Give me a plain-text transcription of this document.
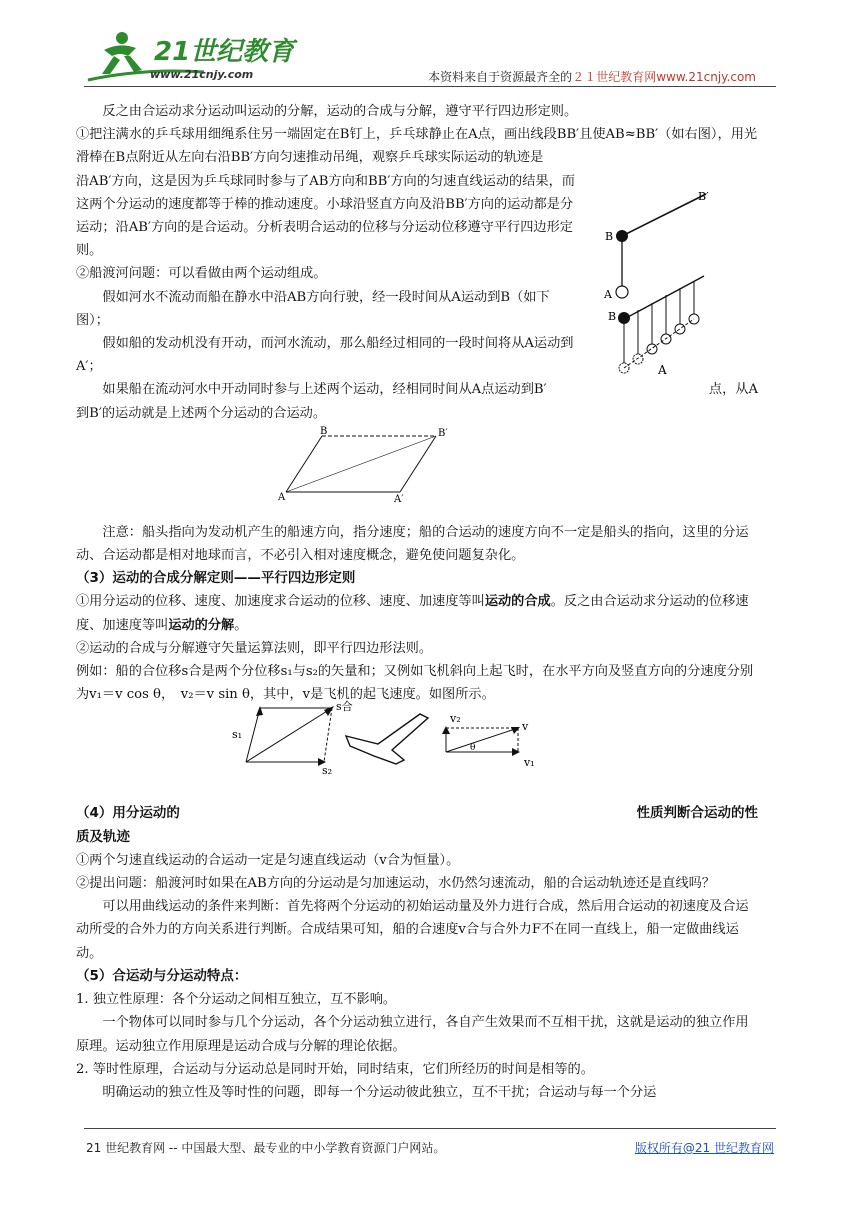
21世纪教育
www.21cnjy.com	本资料来自于资源最齐全的２１世纪教育网www.21cnjy.com

反之由合运动求分运动叫运动的分解，运动的合成与分解，遵守平行四边形定则。

①把注满水的乒乓球用细绳系住另一端固定在B钉上，乒乓球静止在A点，画出线段BB′且使AB≈BB′（如右图），用光滑棒在B点附近从左向右沿BB′方向匀速推动吊绳，观察乒乓球实际运动的轨迹是

沿AB′方向，这是因为乒乓球同时参与了AB方向和BB′方向的匀速直线运动的结果，而这两个分运动的速度都等于棒的推动速度。小球沿竖直方向及沿BB′方向的运动都是分运动；沿AB′方向的是合运动。分析表明合运动的位移与分运动位移遵守平行四边形定则。

②船渡河问题：可以看做由两个运动组成。

假如河水不流动而船在静水中沿AB方向行驶，经一段时间从A运动到B（如下图）；

假如船的发动机没有开动，而河水流动，那么船经过相同的一段时间将从A运动到A′；

如果船在流动河水中开动同时参与上述两个运动，经相同时间从A点运动到B′	点，从A

到B′的运动就是上述两个分运动的合运动。

注意：船头指向为发动机产生的船速方向，指分速度；船的合运动的速度方向不一定是船头的指向，这里的分运动、合运动都是相对地球而言，不必引入相对速度概念，避免使问题复杂化。

（3）运动的合成分解定则——平行四边形定则

①用分运动的位移、速度、加速度求合运动的位移、速度、加速度等叫运动的合成。反之由合运动求分运动的位移速度、加速度等叫运动的分解。

②运动的合成与分解遵守矢量运算法则，即平行四边形法则。

例如：船的合位移s合是两个分位移s₁与s₂的矢量和；又例如飞机斜向上起飞时，在水平方向及竖直方向的分速度分别为v₁＝v cos θ，　v₂＝v sin θ，其中，v是飞机的起飞速度。如图所示。

（4）用分运动的	性质判断合运动的性

质及轨迹

①两个匀速直线运动的合运动一定是匀速直线运动（v合为恒量）。

②提出问题：船渡河时如果在AB方向的分运动是匀加速运动，水仍然匀速流动，船的合运动轨迹还是直线吗？

可以用曲线运动的条件来判断：首先将两个分运动的初始运动量及外力进行合成，然后用合运动的初速度及合运动所受的合外力的方向关系进行判断。合成结果可知，船的合速度v合与合外力F不在同一直线上，船一定做曲线运动。

（5）合运动与分运动特点：

1. 独立性原理：各个分运动之间相互独立，互不影响。

一个物体可以同时参与几个分运动，各个分运动独立进行，各自产生效果而不互相干扰，这就是运动的独立作用原理。运动独立作用原理是运动合成与分解的理论依据。

2. 等时性原理，合运动与分运动总是同时开始，同时结束，它们所经历的时间是相等的。

明确运动的独立性及等时性的问题，即每一个分运动彼此独立，互不干扰；合运动与每一个分运

B′
B
A
B
A
B	B′
A	A′
s₁
s₂
s合
v₂
v₁
v
θ
21 世纪教育网 -- 中国最大型、最专业的中小学教育资源门户网站。	版权所有@21 世纪教育网
